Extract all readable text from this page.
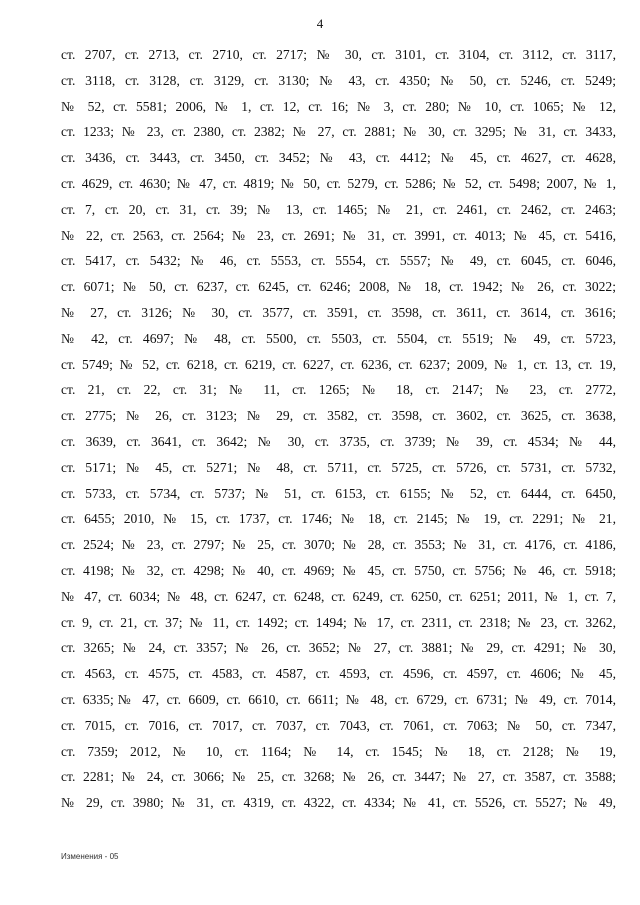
4
ст. 2707, ст. 2713, ст. 2710, ст. 2717; № 30, ст. 3101, ст. 3104, ст. 3112, ст. 3117,
ст. 3118, ст. 3128, ст. 3129, ст. 3130; № 43, ст. 4350; № 50, ст. 5246, ст. 5249;
№ 52, ст. 5581; 2006, № 1, ст. 12, ст. 16; № 3, ст. 280; № 10, ст. 1065; № 12,
ст. 1233; № 23, ст. 2380, ст. 2382; № 27, ст. 2881; № 30, ст. 3295; № 31, ст. 3433,
ст. 3436, ст. 3443, ст. 3450, ст. 3452; № 43, ст. 4412; № 45, ст. 4627, ст. 4628,
ст. 4629, ст. 4630; № 47, ст. 4819; № 50, ст. 5279, ст. 5286; № 52, ст. 5498; 2007, № 1,
ст. 7, ст. 20, ст. 31, ст. 39; № 13, ст. 1465; № 21, ст. 2461, ст. 2462, ст. 2463;
№ 22, ст. 2563, ст. 2564; № 23, ст. 2691; № 31, ст. 3991, ст. 4013; № 45, ст. 5416,
ст. 5417, ст. 5432; № 46, ст. 5553, ст. 5554, ст. 5557; № 49, ст. 6045, ст. 6046,
ст. 6071; № 50, ст. 6237, ст. 6245, ст. 6246; 2008, № 18, ст. 1942; № 26, ст. 3022;
№ 27, ст. 3126; № 30, ст. 3577, ст. 3591, ст. 3598, ст. 3611, ст. 3614, ст. 3616;
№ 42, ст. 4697; № 48, ст. 5500, ст. 5503, ст. 5504, ст. 5519; № 49, ст. 5723,
ст. 5749; № 52, ст. 6218, ст. 6219, ст. 6227, ст. 6236, ст. 6237; 2009, № 1, ст. 13, ст. 19,
ст. 21, ст. 22, ст. 31; № 11, ст. 1265; № 18, ст. 2147; № 23, ст. 2772,
ст. 2775; № 26, ст. 3123; № 29, ст. 3582, ст. 3598, ст. 3602, ст. 3625, ст. 3638,
ст. 3639, ст. 3641, ст. 3642; № 30, ст. 3735, ст. 3739; № 39, ст. 4534; № 44,
ст. 5171; № 45, ст. 5271; № 48, ст. 5711, ст. 5725, ст. 5726, ст. 5731, ст. 5732,
ст. 5733, ст. 5734, ст. 5737; № 51, ст. 6153, ст. 6155; № 52, ст. 6444, ст. 6450,
ст. 6455; 2010, № 15, ст. 1737, ст. 1746; № 18, ст. 2145; № 19, ст. 2291; № 21,
ст. 2524; № 23, ст. 2797; № 25, ст. 3070; № 28, ст. 3553; № 31, ст. 4176, ст. 4186,
ст. 4198; № 32, ст. 4298; № 40, ст. 4969; № 45, ст. 5750, ст. 5756; № 46, ст. 5918;
№ 47, ст. 6034; № 48, ст. 6247, ст. 6248, ст. 6249, ст. 6250, ст. 6251; 2011, № 1, ст. 7,
ст. 9, ст. 21, ст. 37; № 11, ст. 1492; ст. 1494; № 17, ст. 2311, ст. 2318; № 23, ст. 3262,
ст. 3265; № 24, ст. 3357; № 26, ст. 3652; № 27, ст. 3881; № 29, ст. 4291; № 30,
ст. 4563, ст. 4575, ст. 4583, ст. 4587, ст. 4593, ст. 4596, ст. 4597, ст. 4606; № 45,
ст. 6335;№ 47, ст. 6609, ст. 6610, ст. 6611; № 48, ст. 6729, ст. 6731; № 49, ст. 7014,
ст. 7015, ст. 7016, ст. 7017, ст. 7037, ст. 7043, ст. 7061, ст. 7063; № 50, ст. 7347,
ст. 7359; 2012, № 10, ст. 1164; № 14, ст. 1545; № 18, ст. 2128; № 19,
ст. 2281; № 24, ст. 3066; № 25, ст. 3268; № 26, ст. 3447; № 27, ст. 3587, ст. 3588;
№ 29, ст. 3980; № 31, ст. 4319, ст. 4322, ст. 4334; № 41, ст. 5526, ст. 5527; № 49,
Изменения - 05
